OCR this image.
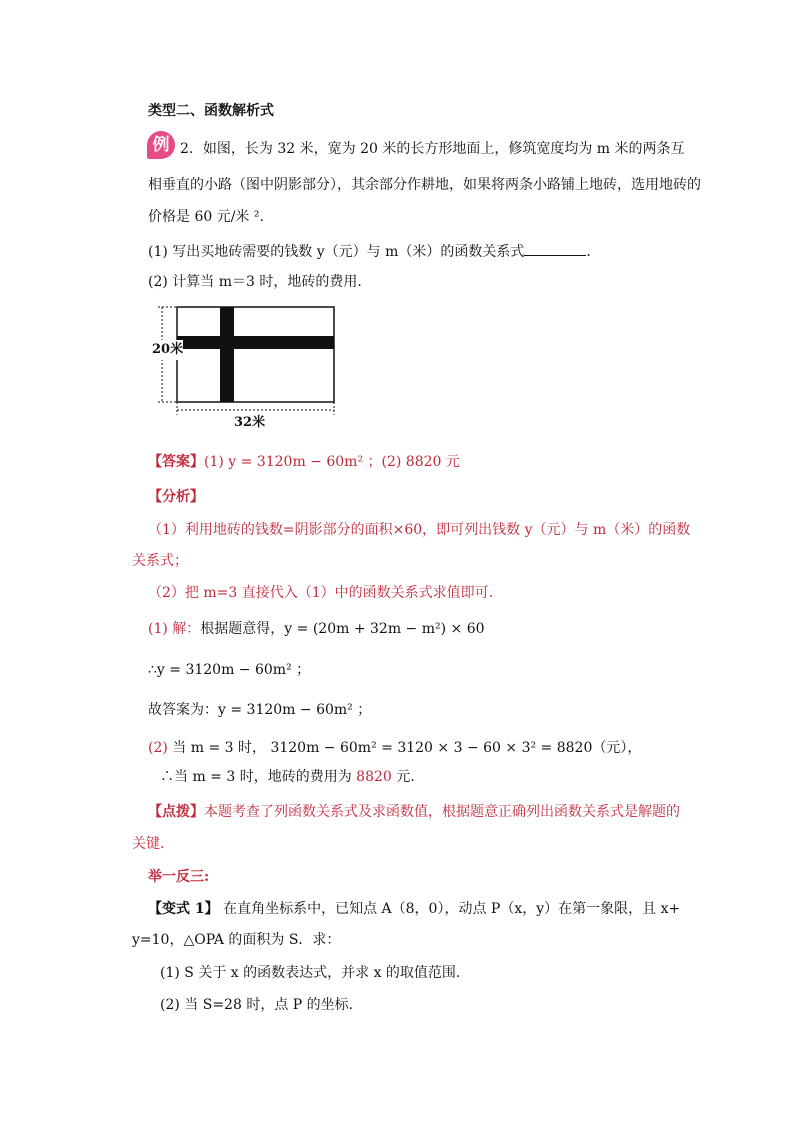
类型二、函数解析式
例 2．如图，长为 32 米，宽为 20 米的长方形地面上，修筑宽度均为 m 米的两条互
相垂直的小路（图中阴影部分），其余部分作耕地，如果将两条小路铺上地砖，选用地砖的
价格是 60 元/米 ².
(1) 写出买地砖需要的钱数 y（元）与 m（米）的函数关系式	.
(2) 计算当 m＝3 时，地砖的费用.
20米
32米
【答案】(1) y = 3120m − 60m² ；(2) 8820 元
【分析】
（1）利用地砖的钱数=阴影部分的面积×60，即可列出钱数 y（元）与 m（米）的函数
关系式；
（2）把 m=3 直接代入（1）中的函数关系式求值即可.
(1) 解：根据题意得，y = (20m + 32m − m²) × 60
∴y = 3120m − 60m² ；
故答案为：y = 3120m − 60m² ；
(2) 当 m = 3 时， 3120m − 60m² = 3120 × 3 − 60 × 3² = 8820（元），
∴当 m = 3 时，地砖的费用为 8820 元.
【点拨】本题考查了列函数关系式及求函数值，根据题意正确列出函数关系式是解题的
关键.
举一反三:
【变式 1】 在直角坐标系中，已知点 A（8，0），动点 P（x，y）在第一象限，且 x+
y=10，△OPA 的面积为 S．求：
(1) S 关于 x 的函数表达式，并求 x 的取值范围.
(2) 当 S=28 时，点 P 的坐标.
